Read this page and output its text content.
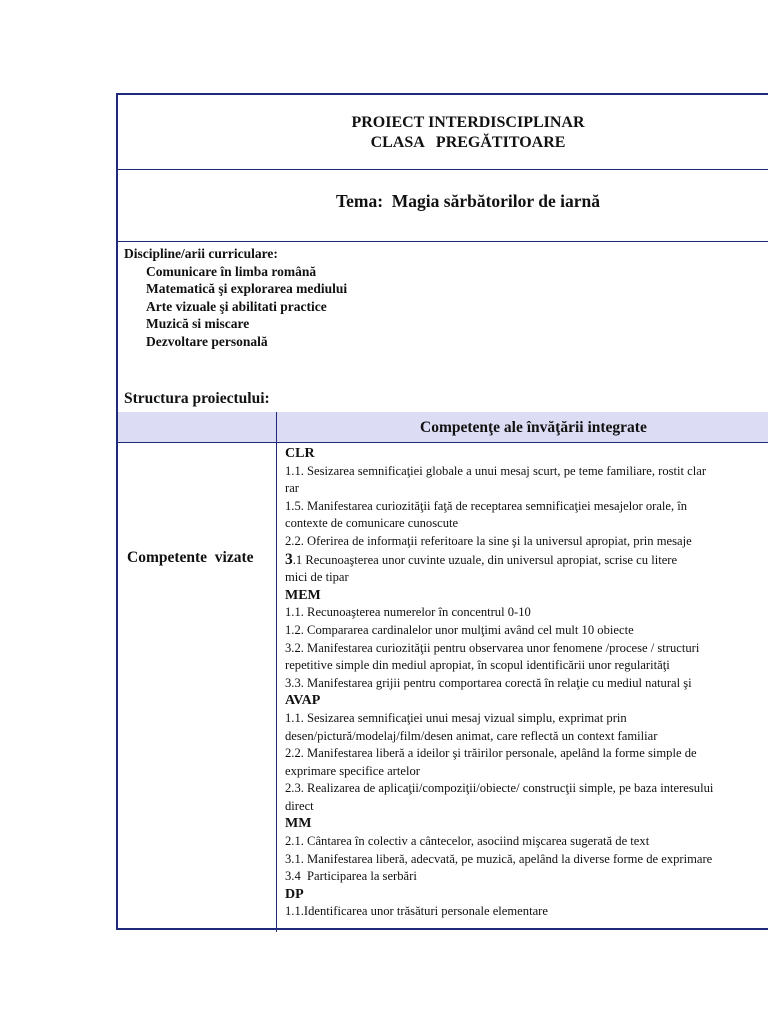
PROIECT INTERDISCIPLINAR
CLASA   PREGĂTITOARE
Tema:  Magia sărbătorilor de iarnă
Discipline/arii curriculare:
Comunicare în limba română
Matematică şi explorarea mediului
Arte vizuale şi abilitati practice
Muzică si miscare
Dezvoltare personală
Structura proiectului:
Competenţe ale învăţării integrate
Competente  vizate
CLR
1.1. Sesizarea semnificaţiei globale a unui mesaj scurt, pe teme familiare, rostit clar
rar
1.5. Manifestarea curiozităţii faţă de receptarea semnificaţiei mesajelor orale, în
contexte de comunicare cunoscute
2.2. Oferirea de informaţii referitoare la sine şi la universul apropiat, prin mesaje
3.1 Recunoaşterea unor cuvinte uzuale, din universul apropiat, scrise cu litere
mici de tipar
MEM
1.1. Recunoaşterea numerelor în concentrul 0-10
1.2. Compararea cardinalelor unor mulţimi având cel mult 10 obiecte
3.2. Manifestarea curiozităţii pentru observarea unor fenomene /procese / structuri
repetitive simple din mediul apropiat, în scopul identificării unor regularităţi
3.3. Manifestarea grijii pentru comportarea corectă în relaţie cu mediul natural şi
AVAP
1.1. Sesizarea semnificaţiei unui mesaj vizual simplu, exprimat prin
desen/pictură/modelaj/film/desen animat, care reflectă un context familiar
2.2. Manifestarea liberă a ideilor şi trăirilor personale, apelând la forme simple de
exprimare specifice artelor
2.3. Realizarea de aplicaţii/compoziţii/obiecte/ construcţii simple, pe baza interesului
direct
MM
2.1. Cântarea în colectiv a cântecelor, asociind mişcarea sugerată de text
3.1. Manifestarea liberă, adecvată, pe muzică, apelând la diverse forme de exprimare
3.4  Participarea la serbări
DP
1.1.Identificarea unor trăsături personale elementare
